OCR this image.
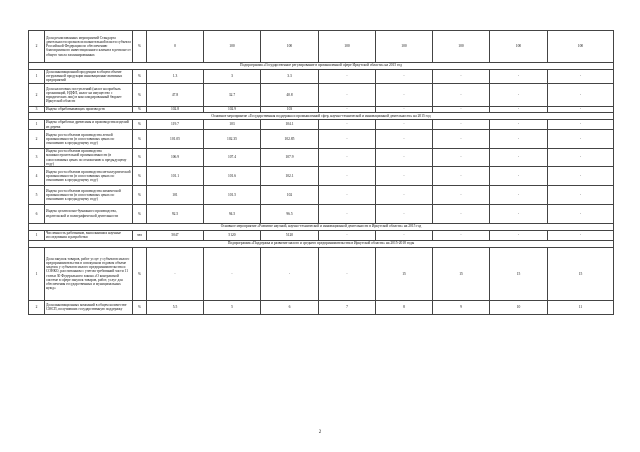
2	Доля реализованных мероприятий Стандарта деятельности органов исполнительной власти субъекта Российской Федерации по обеспечению благоприятного инвестиционного климата в регионе от общего числа запланированных	%	0	100	100	100	100	100	100	100
Подпрограмма «Государственное регулирование в промышленной сфере Иркутской области» на 2015 год										
1	Доля инновационной продукции в общем объеме отгруженной продукции инновационно-активных предприятий	%	1.3	3	3.3	-	-	-	-	-
2	Доля налоговых поступлений (налог на прибыль организаций, НДФЛ, налог на имущество с юридических лиц) в консолидированный бюджет Иркутской области	%	47.8	32.7	40.8	-	-	-	-	-
3	Индекс обрабатывающих производств	%	102.8	102.9	103	-	-	-	-	-
Основное мероприятие «Государственная поддержка и промышленной сфер, научно-технической и инновационной деятельности» на 2015 год										
1	Индекс обработки древесины и производства изделий из дерева	%	119.7	103	104.1	-	-	-	-	-
2	Индекс роста объемов производства легкой промышленности (в сопоставимых ценах по отношению к предыдущему году)	%	101.05	102.35	102.85	-	-	-	-	-
3	Индекс роста объемов производства машиностроительной промышленности (в сопоставимых ценах по отношению к предыдущему году)	%	106.9	107.4	107.9	-	-	-	-	-
4	Индекс роста объемов производства металлургической промышленности (в сопоставимых ценах по отношению к предыдущему году)	%	101.1	101.6	102.1	-	-	-	-	-
5	Индекс роста объемов производства химической промышленности (в сопоставимых ценах по отношению к предыдущему году)	%	101	101.5	102	-	-	-	-	-
6	Индекс целлюлозно-бумажного производства, издательской и полиграфической деятельности	%	92.5	94.5	96.5	-	-	-	-	-
Основное мероприятие «Развитие научной, научно-технической и инновационной деятельности в Иркутской области» на 2015 год										
1	Численность работников, выполнявших научные исследования и разработки	чел	5047	5120	5120	-	-	-	-	-
Подпрограмма «Поддержка и развитие малого и среднего предпринимательства в Иркутской области» на 2015-2018 годы										
1	Доля закупок товаров, работ услуг у субъектов малого предпринимательства в совокупном годовом объеме закупок у субъектов малого предпринимательства и СОНКО, рассчитанном с учетом требований части 11 статьи 30 Федерального закона «О контрактной системе в сфере закупок товаров, работ, услуг для обеспечения государственных и муниципальных нужд»	%	-	-	-	-	15	15	15	15
2	Доля инновационных компаний в общем количестве СМСП, получивших государственную поддержку	%	5.5	5	6	7	8	9	10	11
2
